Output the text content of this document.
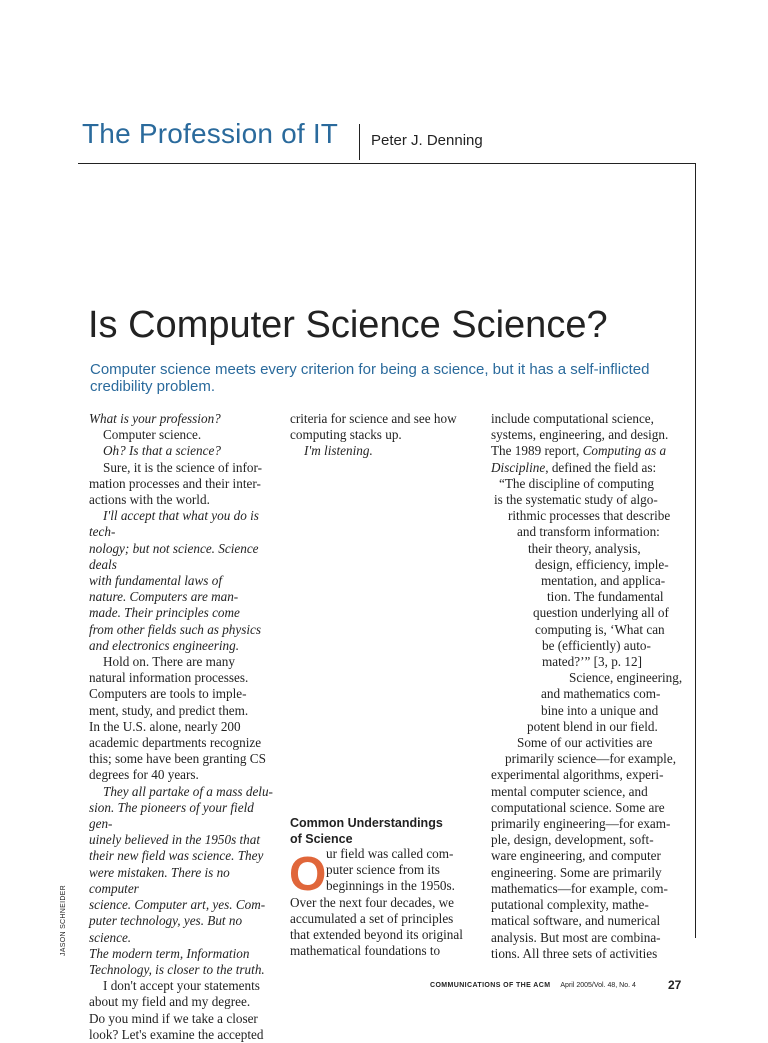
The Profession of IT Peter J. Denning
Is Computer Science Science?
Computer science meets every criterion for being a science, but it has a self-inflicted credibility problem.
What is your profession?
Computer science.
Oh? Is that a science?
Sure, it is the science of infor-
mation processes and their inter-
actions with the world.
I'll accept that what you do is tech-
nology; but not science. Science deals
with fundamental laws of
nature. Computers are man-
made. Their principles come
from other fields such as physics
and electronics engineering.
Hold on. There are many
natural information processes.
Computers are tools to imple-
ment, study, and predict them.
In the U.S. alone, nearly 200
academic departments recognize
this; some have been granting CS
degrees for 40 years.
They all partake of a mass delu-
sion. The pioneers of your field gen-
uinely believed in the 1950s that
their new field was science. They
were mistaken. There is no computer
science. Computer art, yes. Com-
puter technology, yes. But no science.
The modern term, Information
Technology, is closer to the truth.
I don't accept your statements
about my field and my degree.
Do you mind if we take a closer
look? Let's examine the accepted
criteria for science and see how
computing stacks up.
I'm listening.
Common Understandings
of Science
O ur field was called com-
puter science from its
beginnings in the 1950s.
Over the next four decades, we
accumulated a set of principles
that extended beyond its original
mathematical foundations to
include computational science,
systems, engineering, and design.
The 1989 report, Computing as a
Discipline, defined the field as:
“The discipline of computing
is the systematic study of algo-
rithmic processes that describe
and transform information:
their theory, analysis,
design, efficiency, imple-
mentation, and applica-
tion. The fundamental
question underlying all of
computing is, ‘What can
be (efficiently) auto-
mated?’” [3, p. 12]
Science, engineering,
and mathematics com-
bine into a unique and
potent blend in our field.
Some of our activities are
primarily science—for example,
experimental algorithms, experi-
mental computer science, and
computational science. Some are
primarily engineering—for exam-
ple, design, development, soft-
ware engineering, and computer
engineering. Some are primarily
mathematics—for example, com-
putational complexity, mathe-
matical software, and numerical
analysis. But most are combina-
tions. All three sets of activities
JASON SCHNEIDER
COMMUNICATIONS OF THE ACM April 2005/Vol. 48, No. 4	27
